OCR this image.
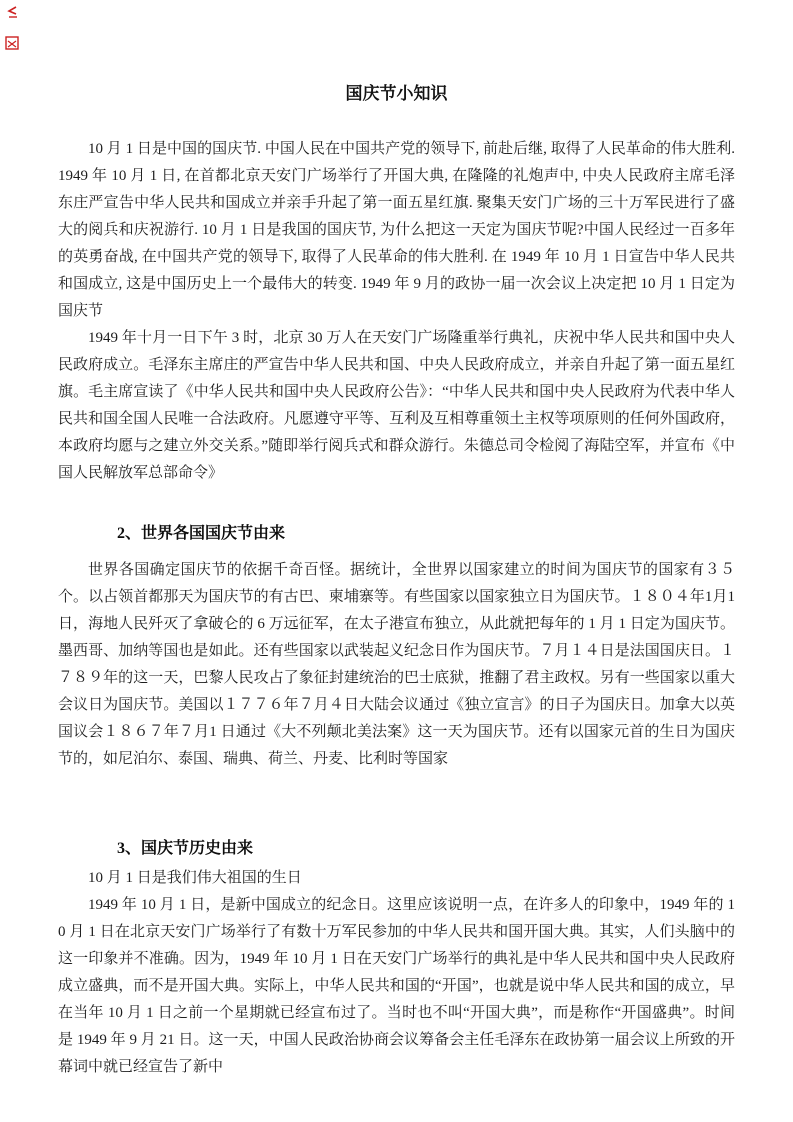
国庆节小知识

10 月 1 日是中国的国庆节. 中国人民在中国共产党的领导下, 前赴后继, 取得了人民革命的伟大胜利. 1949 年 10 月 1 日, 在首都北京天安门广场举行了开国大典, 在隆隆的礼炮声中, 中央人民政府主席毛泽东庄严宣告中华人民共和国成立并亲手升起了第一面五星红旗. 聚集天安门广场的三十万军民进行了盛大的阅兵和庆祝游行. 10 月 1 日是我国的国庆节, 为什么把这一天定为国庆节呢?中国人民经过一百多年的英勇奋战, 在中国共产党的领导下, 取得了人民革命的伟大胜利. 在 1949 年 10 月 1 日宣告中华人民共和国成立, 这是中国历史上一个最伟大的转变. 1949 年 9 月的政协一届一次会议上决定把 10 月 1 日定为国庆节

1949 年十月一日下午 3 时，北京 30 万人在天安门广场隆重举行典礼，庆祝中华人民共和国中央人民政府成立。毛泽东主席庄的严宣告中华人民共和国、中央人民政府成立，并亲自升起了第一面五星红旗。毛主席宣读了《中华人民共和国中央人民政府公告》：“中华人民共和国中央人民政府为代表中华人民共和国全国人民唯一合法政府。凡愿遵守平等、互利及互相尊重领土主权等项原则的任何外国政府，本政府均愿与之建立外交关系。”随即举行阅兵式和群众游行。朱德总司令检阅了海陆空军，并宣布《中国人民解放军总部命令》

2、世界各国国庆节由来

世界各国确定国庆节的依据千奇百怪。据统计，全世界以国家建立的时间为国庆节的国家有３５个。以占领首都那天为国庆节的有古巴、柬埔寨等。有些国家以国家独立日为国庆节。１８０４年1月1日，海地人民歼灭了拿破仑的 6 万远征军，在太子港宣布独立，从此就把每年的 1 月 1 日定为国庆节。墨西哥、加纳等国也是如此。还有些国家以武装起义纪念日作为国庆节。７月１４日是法国国庆日。１７８９年的这一天，巴黎人民攻占了象征封建统治的巴士底狱，推翻了君主政权。另有一些国家以重大会议日为国庆节。美国以１７７６年７月４日大陆会议通过《独立宣言》的日子为国庆日。加拿大以英国议会１８６７年７月1 日通过《大不列颠北美法案》这一天为国庆节。还有以国家元首的生日为国庆节的，如尼泊尔、泰国、瑞典、荷兰、丹麦、比利时等国家

3、国庆节历史由来

10 月 1 日是我们伟大祖国的生日

1949 年 10 月 1 日，是新中国成立的纪念日。这里应该说明一点，在许多人的印象中，1949 年的 10 月 1 日在北京天安门广场举行了有数十万军民参加的中华人民共和国开国大典。其实，人们头脑中的这一印象并不准确。因为，1949 年 10 月 1 日在天安门广场举行的典礼是中华人民共和国中央人民政府成立盛典，而不是开国大典。实际上，中华人民共和国的“开国”，也就是说中华人民共和国的成立，早在当年 10 月 1 日之前一个星期就已经宣布过了。当时也不叫“开国大典”，而是称作“开国盛典”。时间是 1949 年 9 月 21 日。这一天，中国人民政治协商会议筹备会主任毛泽东在政协第一届会议上所致的开幕词中就已经宣告了新中
